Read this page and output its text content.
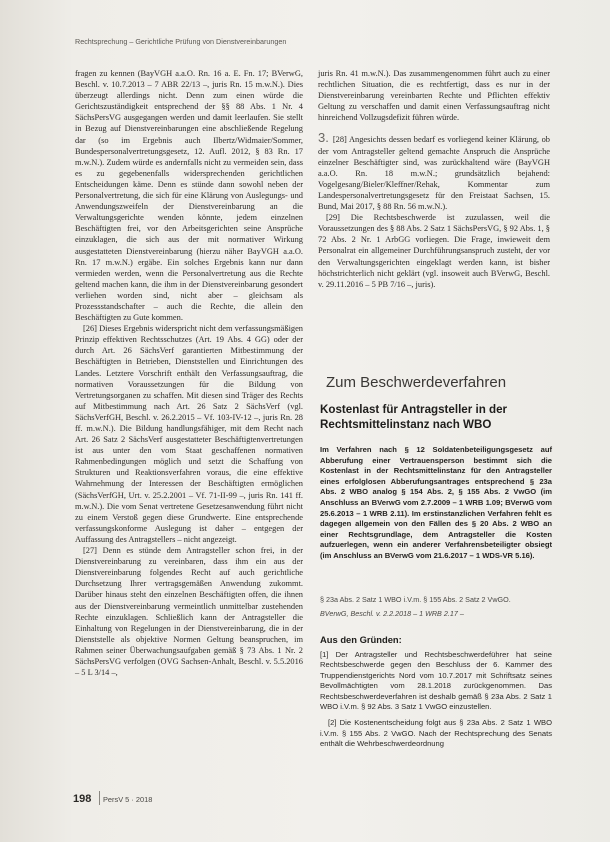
Rechtsprechung – Gerichtliche Prüfung von Dienstvereinbarungen

fragen zu kennen (BayVGH a.a.O. Rn. 16 a. E. Fn. 17; BVerwG, Beschl. v. 10.7.2013 – 7 ABR 22/13 –, juris Rn. 15 m.w.N.). Dies überzeugt allerdings nicht. Denn zum einen würde die Gerichtszuständigkeit entsprechend der §§ 88 Abs. 1 Nr. 4 SächsPersVG ausgegangen werden und damit leerlaufen. Sie stellt in Bezug auf Dienstvereinbarungen eine abschließende Regelung dar (so im Ergebnis auch Ilbertz/Widmaier/Sommer, Bundespersonalvertretungsgesetz, 12. Aufl. 2012, § 83 Rn. 17 m.w.N.). Zudem würde es andernfalls nicht zu vermeiden sein, dass es zu gegebenenfalls widersprechenden gerichtlichen Entscheidungen käme. Denn es stünde dann sowohl neben der Personalvertretung, die sich für eine Klärung von Auslegungs- und Anwendungszweifeln der Dienstvereinbarung an die Verwaltungsgerichte wenden könnte, jedem einzelnen Beschäftigten frei, vor den Arbeitsgerichten seine Ansprüche einzuklagen, die sich aus der mit normativer Wirkung ausgestatteten Dienstvereinbarung (hierzu näher BayVGH a.a.O. Rn. 17 m.w.N.) ergäbe. Ein solches Ergebnis kann nur dann vermieden werden, wenn die Personalvertretung aus die Rechte geltend machen kann, die ihm in der Dienstvereinbarung gesondert verliehen worden sind, nicht aber – gleichsam als Prozessstandschafter – auch die Rechte, die allein den Beschäftigten zu Gute kommen.

[26] Dieses Ergebnis widerspricht nicht dem verfassungsmäßigen Prinzip effektiven Rechtsschutzes (Art. 19 Abs. 4 GG) oder der durch Art. 26 SächsVerf garantierten Mitbestimmung der Beschäftigten in Betrieben, Dienststellen und Einrichtungen des Landes. Letztere Vorschrift enthält den Verfassungsauftrag, die normativen Voraussetzungen für die Bildung von Vertretungsorganen zu schaffen. Mit diesen sind Träger des Rechts auf Mitbestimmung nach Art. 26 Satz 2 SächsVerf (vgl. SächsVerfGH, Beschl. v. 26.2.2015 – Vf. 103-IV-12 –, juris Rn. 28 ff. m.w.N.). Die Bildung handlungsfähiger, mit dem Recht nach Art. 26 Satz 2 SächsVerf ausgestatteter Beschäftigtenvertretungen ist aus unter den vom Staat geschaffenen normativen Rahmenbedingungen möglich und setzt die Schaffung von Strukturen und Reaktionsverfahren voraus, die eine effektive Wahrnehmung der Interessen der Beschäftigten ermöglichen (SächsVerfGH, Urt. v. 25.2.2001 – Vf. 71-II-99 –, juris Rn. 141 ff. m.w.N.). Die vom Senat vertretene Gesetzesanwendung führt nicht zu einem Verstoß gegen diese Grundwerte. Eine entsprechende verfassungskonforme Auslegung ist daher – entgegen der Auffassung des Antragstellers – nicht angezeigt.

[27] Denn es stünde dem Antragsteller schon frei, in der Dienstvereinbarung zu vereinbaren, dass ihm ein aus der Dienstvereinbarung folgendes Recht auf auch gerichtliche Durchsetzung Ihrer vertragsgemäßen Anwendung zukommt. Darüber hinaus steht den einzelnen Beschäftigten offen, die ihnen aus der Dienstvereinbarung vermeintlich unmittelbar zustehenden Rechte einzuklagen. Schließlich kann der Antragsteller die Einhaltung von Regelungen in der Dienstvereinbarung, die in der Dienststelle als objektive Normen Geltung beanspruchen, im Rahmen seiner Überwachungsaufgaben gemäß § 73 Abs. 1 Nr. 2 SächsPersVG verfolgen (OVG Sachsen-Anhalt, Beschl. v. 5.5.2016 – 5 L 3/14 –,

juris Rn. 41 m.w.N.). Das zusammengenommen führt auch zu einer rechtlichen Situation, die es rechtfertigt, dass es nur in der Dienstvereinbarung vereinbarten Rechte und Pflichten effektiv Geltung zu verschaffen und damit einen Verfassungsauftrag nicht hinreichend Vollzugsdefizit führen würde.

3. [28] Angesichts dessen bedarf es vorliegend keiner Klärung, ob der vom Antragsteller geltend gemachte Anspruch die Ansprüche einzelner Beschäftigter sind, was zurückhaltend wäre (BayVGH a.a.O. Rn. 18 m.w.N.; grundsätzlich bejahend: Vogelgesang/Bieler/Kleffner/Rehak, Kommentar zum Landespersonalvertretungsgesetz für den Freistaat Sachsen, 15. Bund, Mai 2017, § 88 Rn. 56 m.w.N.).

[29] Die Rechtsbeschwerde ist zuzulassen, weil die Voraussetzungen des § 88 Abs. 2 Satz 1 SächsPersVG, § 92 Abs. 1, § 72 Abs. 2 Nr. 1 ArbGG vorliegen. Die Frage, inwieweit dem Personalrat ein allgemeiner Durchführungsanspruch zusteht, der vor den Verwaltungsgerichten eingeklagt werden kann, ist bisher höchstrichterlich nicht geklärt (vgl. insoweit auch BVerwG, Beschl. v. 29.11.2016 – 5 PB 7/16 –, juris).

Zum Beschwerdeverfahren
Kostenlast für Antragsteller in der Rechtsmittelinstanz nach WBO
Im Verfahren nach § 12 Soldatenbeteiligungsgesetz auf Abberufung einer Vertrauensperson bestimmt sich die Kostenlast in der Rechtsmittelinstanz für den Antragsteller eines erfolglosen Abberufungsantrages entsprechend § 23a Abs. 2 WBO analog § 154 Abs. 2, § 155 Abs. 2 VwGO (im Anschluss an BVerwG vom 2.7.2009 – 1 WRB 1.09; BVerwG vom 25.6.2013 – 1 WRB 2.11). Im erstinstanzlichen Verfahren fehlt es dagegen allgemein von den Fällen des § 20 Abs. 2 WBO an einer Rechtsgrundlage, dem Antragsteller die Kosten aufzuerlegen, wenn ein anderer Verfahrensbeteiligter obsiegt (im Anschluss an BVerwG vom 21.6.2017 – 1 WDS-VR 5.16).

§ 23a Abs. 2 Satz 1 WBO i.V.m. § 155 Abs. 2 Satz 2 VwGO.

BVerwG, Beschl. v. 2.2.2018 – 1 WRB 2.17 –

Aus den Gründen:

[1] Der Antragsteller und Rechtsbeschwerdeführer hat seine Rechtsbeschwerde gegen den Beschluss der 6. Kammer des Truppendienstgerichts Nord vom 10.7.2017 mit Schriftsatz seines Bevollmächtigten vom 28.1.2018 zurückgenommen. Das Rechtsbeschwerdeverfahren ist deshalb gemäß § 23a Abs. 2 Satz 1 WBO i.V.m. § 92 Abs. 3 Satz 1 VwGO einzustellen.

[2] Die Kostenentscheidung folgt aus § 23a Abs. 2 Satz 1 WBO i.V.m. § 155 Abs. 2 VwGO. Nach der Rechtsprechung des Senats enthält die Wehrbeschwerdeordnung

198 PersV 5 · 2018
